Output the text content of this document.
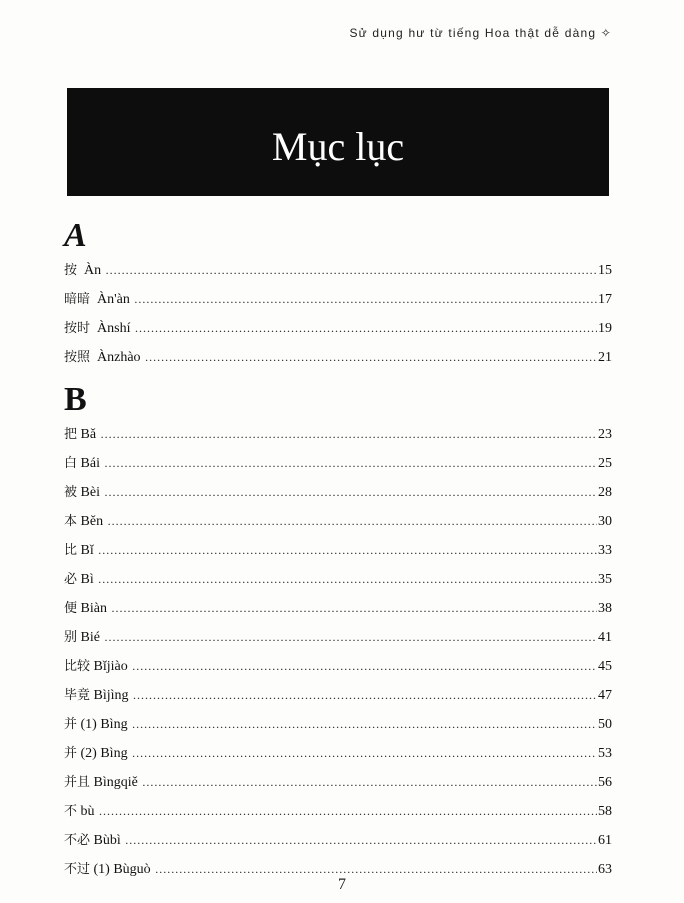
Sử dụng hư từ tiếng Hoa thật dễ dàng ✧
Mục lục
A
按 Àn .....	15
暗暗 Àn'àn .....	17
按时 Ànshí .....	19
按照 Ànzhào .....	21
B
把 Bǎ .....	23
白 Bái .....	25
被 Bèi .....	28
本 Běn .....	30
比 Bǐ .....	33
必 Bì .....	35
便 Biàn .....	38
别 Bié .....	41
比较 Bǐjiào .....	45
毕竟 Bìjìng .....	47
并 (1) Bìng .....	50
并 (2) Bìng .....	53
并且 Bìngqiě .....	56
不 bù .....	58
不必 Bùbì .....	61
不过 (1) Bùguò .....	63
7
